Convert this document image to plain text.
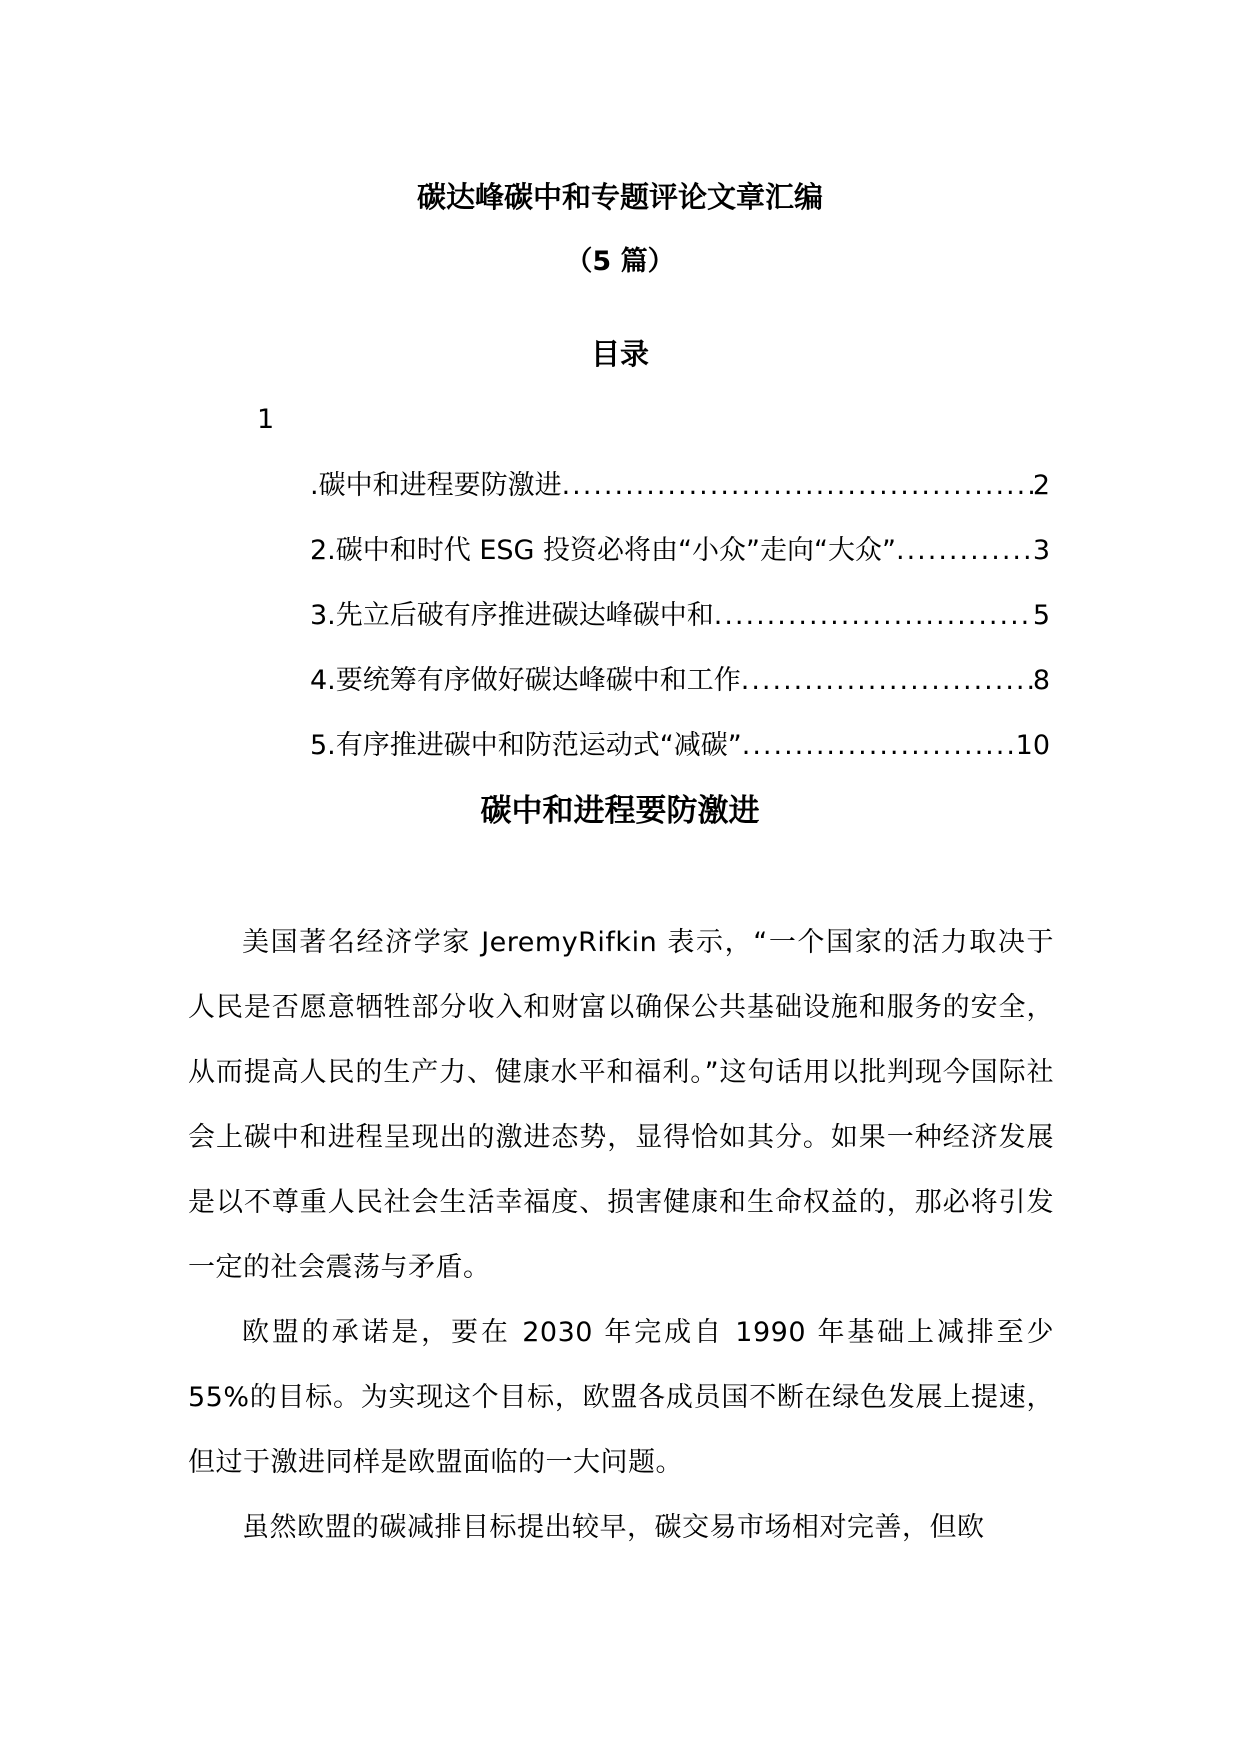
碳达峰碳中和专题评论文章汇编
（5 篇）
目录
1
.碳中和进程要防激进 .....	2
2.碳中和时代 ESG 投资必将由“小众”走向“大众” .....	3
3.先立后破有序推进碳达峰碳中和 .....	5
4.要统筹有序做好碳达峰碳中和工作 .....	8
5.有序推进碳中和防范运动式“减碳” .....	10
碳中和进程要防激进

美国著名经济学家 JeremyRifkin 表示，“一个国家的活力取决于人民是否愿意牺牲部分收入和财富以确保公共基础设施和服务的安全，从而提高人民的生产力、健康水平和福利。”这句话用以批判现今国际社会上碳中和进程呈现出的激进态势，显得恰如其分。如果一种经济发展是以不尊重人民社会生活幸福度、损害健康和生命权益的，那必将引发一定的社会震荡与矛盾。

欧盟的承诺是，要在 2030 年完成自 1990 年基础上减排至少 55%的目标。为实现这个目标，欧盟各成员国不断在绿色发展上提速，但过于激进同样是欧盟面临的一大问题。

虽然欧盟的碳减排目标提出较早，碳交易市场相对完善，但欧
